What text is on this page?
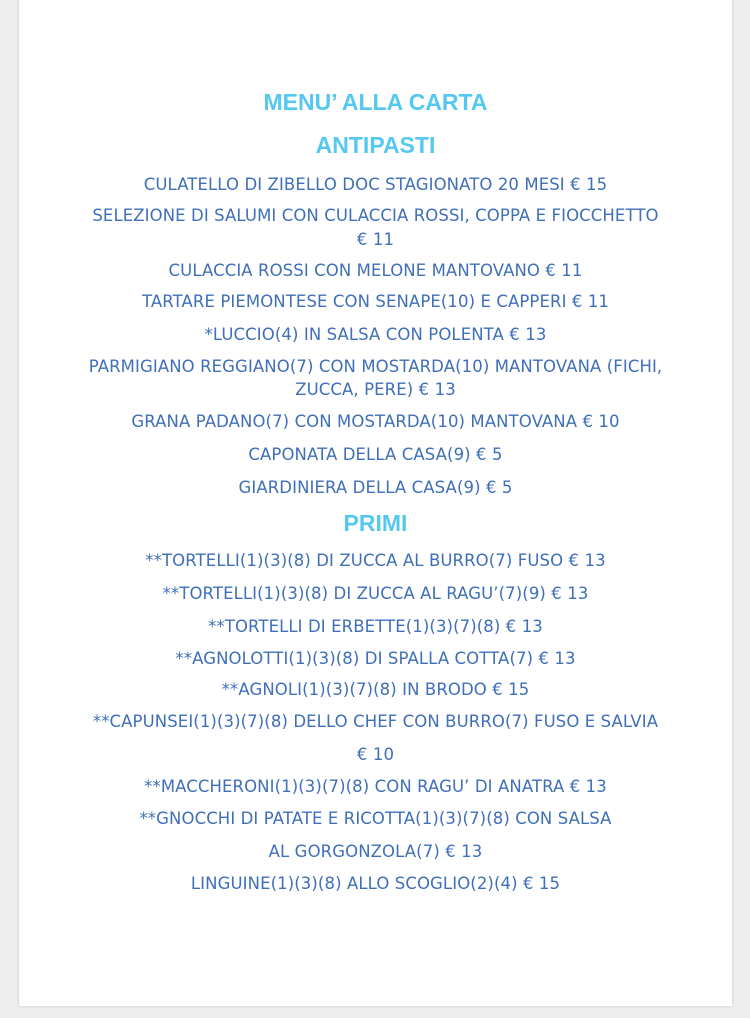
MENU’ ALLA CARTA
ANTIPASTI
CULATELLO DI ZIBELLO DOC STAGIONATO 20 MESI € 15
SELEZIONE DI SALUMI CON CULACCIA ROSSI, COPPA E FIOCCHETTO
€ 11
CULACCIA ROSSI CON MELONE MANTOVANO € 11
TARTARE PIEMONTESE CON SENAPE(10) E CAPPERI € 11
*LUCCIO(4) IN SALSA CON POLENTA € 13
PARMIGIANO REGGIANO(7) CON MOSTARDA(10) MANTOVANA (FICHI,
ZUCCA, PERE) € 13
GRANA PADANO(7) CON MOSTARDA(10) MANTOVANA € 10
CAPONATA DELLA CASA(9) € 5
GIARDINIERA DELLA CASA(9) € 5
PRIMI
**TORTELLI(1)(3)(8) DI ZUCCA AL BURRO(7) FUSO € 13
**TORTELLI(1)(3)(8) DI ZUCCA AL RAGU’(7)(9) € 13
**TORTELLI DI ERBETTE(1)(3)(7)(8) € 13
**AGNOLOTTI(1)(3)(8) DI SPALLA COTTA(7) € 13
**AGNOLI(1)(3)(7)(8) IN BRODO € 15
**CAPUNSEI(1)(3)(7)(8) DELLO CHEF CON BURRO(7) FUSO E SALVIA
€ 10
**MACCHERONI(1)(3)(7)(8) CON RAGU’ DI ANATRA € 13
**GNOCCHI DI PATATE E RICOTTA(1)(3)(7)(8) CON SALSA
AL GORGONZOLA(7) € 13
LINGUINE(1)(3)(8) ALLO SCOGLIO(2)(4) € 15
